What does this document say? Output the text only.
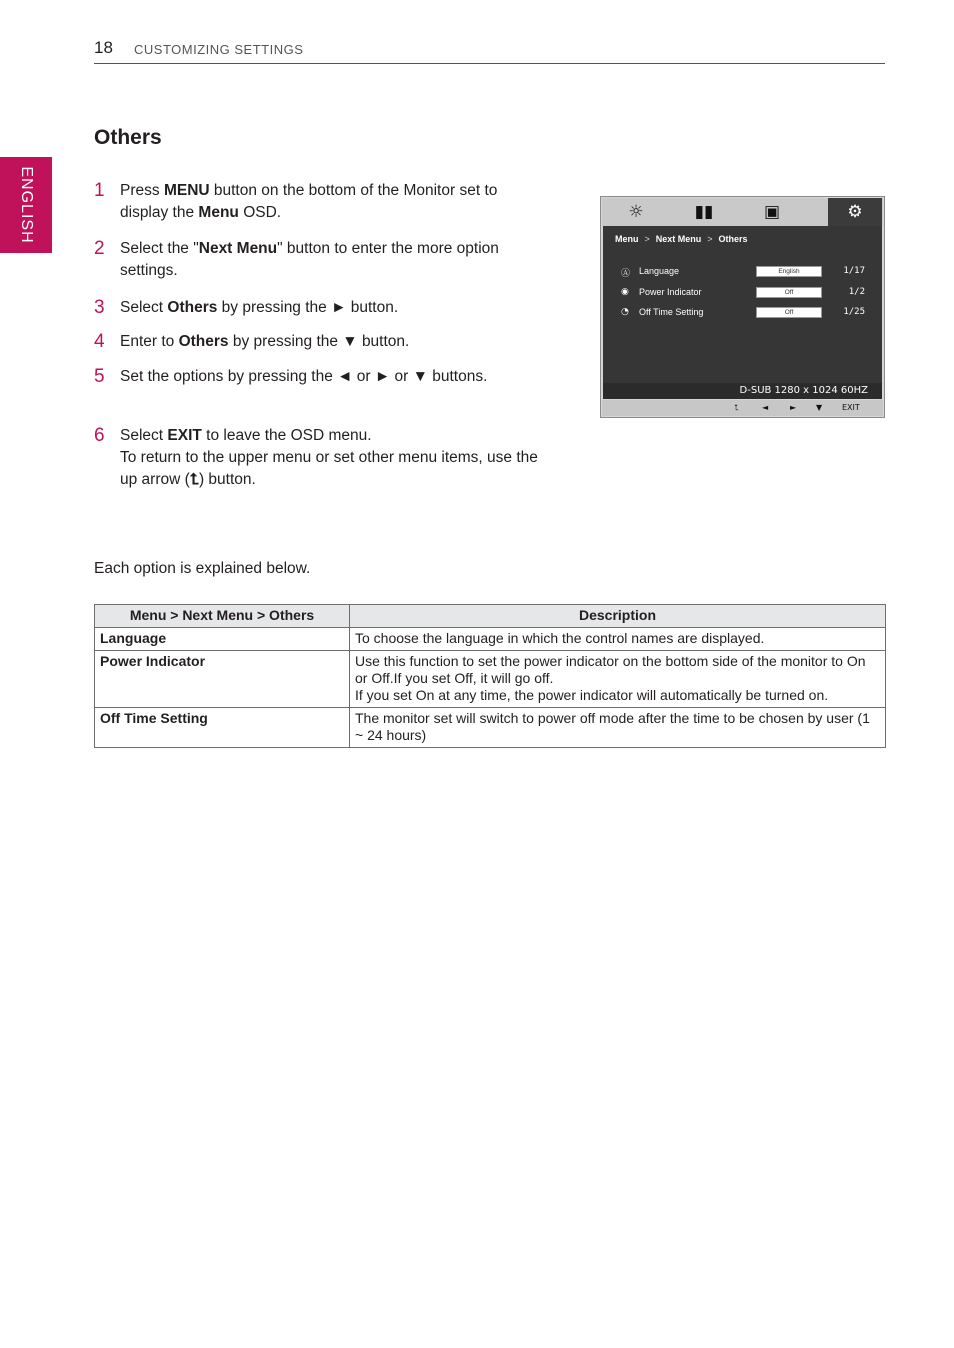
18 CUSTOMIZING SETTINGS
ENGLISH
Others
1 Press MENU button on the bottom of the Monitor set to display the Menu OSD.
2 Select the "Next Menu" button to enter the more option settings.
3 Select Others by pressing the ► button.
4 Enter to Others by pressing the ▼ button.
5 Set the options by pressing the ◄ or ► or ▼ buttons.
6 Select EXIT to leave the OSD menu.
To return to the upper menu or set other menu items, use the up arrow (⮤) button.
☼	▮▮	▣	⚙
Menu > Next Menu > Others
Ⓐ Language	English	1/17
◉ Power Indicator	Off	1/2
◔ Off Time Setting	Off	1/25
D-SUB 1280 x 1024 60HZ
⮤	◄	► ▼ EXIT
Each option is explained below.
Menu > Next Menu > Others	Description
Language	To choose the language in which the control names are displayed.
Power Indicator	Use this function to set the power indicator on the bottom side of the monitor to On or Off.If you set Off, it will go off.
If you set On at any time, the power indicator will automatically be turned on.
Off Time Setting	The monitor set will switch to power off mode after the time to be chosen by user (1 ~ 24 hours)
